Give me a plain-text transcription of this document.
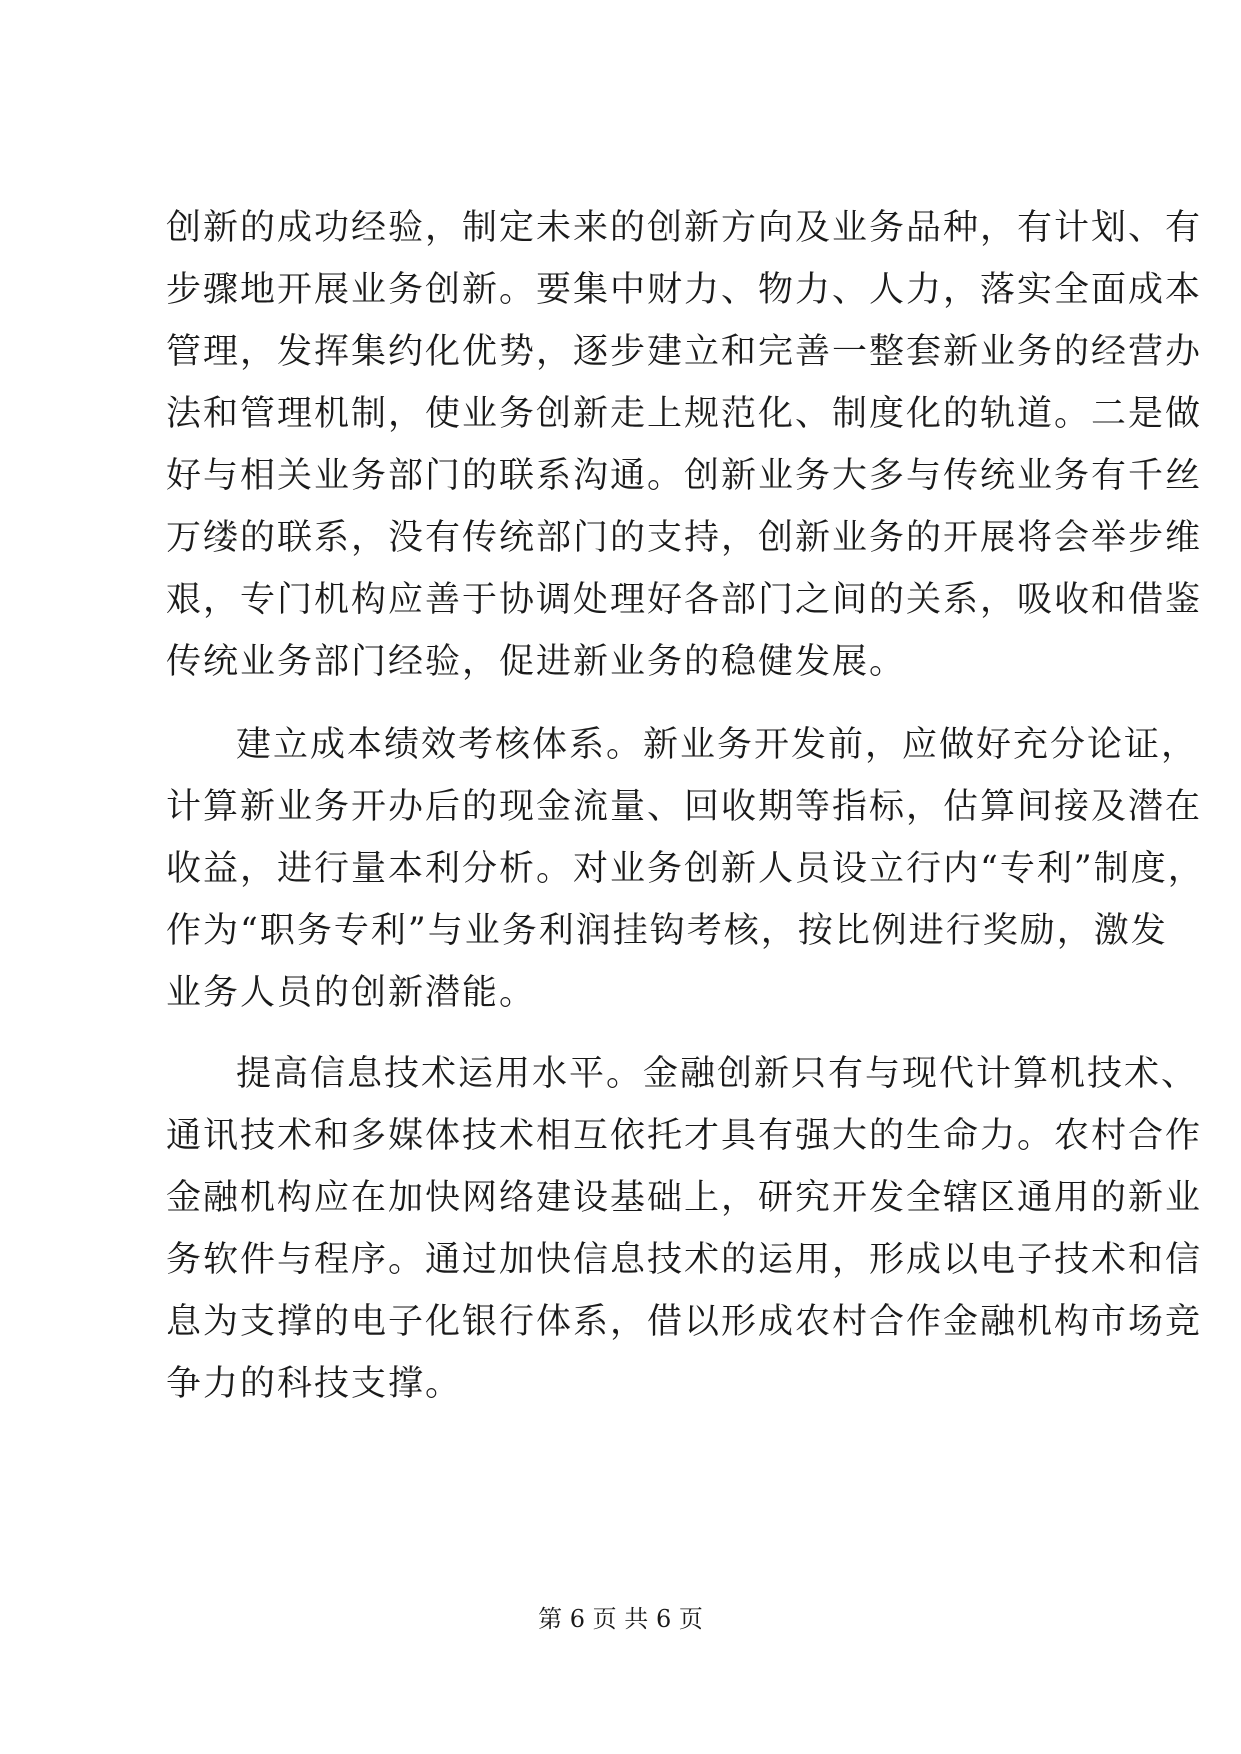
创新的成功经验，制定未来的创新方向及业务品种，有计划、有
步骤地开展业务创新。要集中财力、物力、人力，落实全面成本
管理，发挥集约化优势，逐步建立和完善一整套新业务的经营办
法和管理机制，使业务创新走上规范化、制度化的轨道。二是做
好与相关业务部门的联系沟通。创新业务大多与传统业务有千丝
万缕的联系，没有传统部门的支持，创新业务的开展将会举步维
艰，专门机构应善于协调处理好各部门之间的关系，吸收和借鉴
传统业务部门经验，促进新业务的稳健发展。
建立成本绩效考核体系。新业务开发前，应做好充分论证，
计算新业务开办后的现金流量、回收期等指标，估算间接及潜在
收益，进行量本利分析。对业务创新人员设立行内“专利”制度，
作为“职务专利”与业务利润挂钩考核，按比例进行奖励，激发
业务人员的创新潜能。
提高信息技术运用水平。金融创新只有与现代计算机技术、
通讯技术和多媒体技术相互依托才具有强大的生命力。农村合作
金融机构应在加快网络建设基础上，研究开发全辖区通用的新业
务软件与程序。通过加快信息技术的运用，形成以电子技术和信
息为支撑的电子化银行体系，借以形成农村合作金融机构市场竞
争力的科技支撑。
第 6 页 共 6 页
